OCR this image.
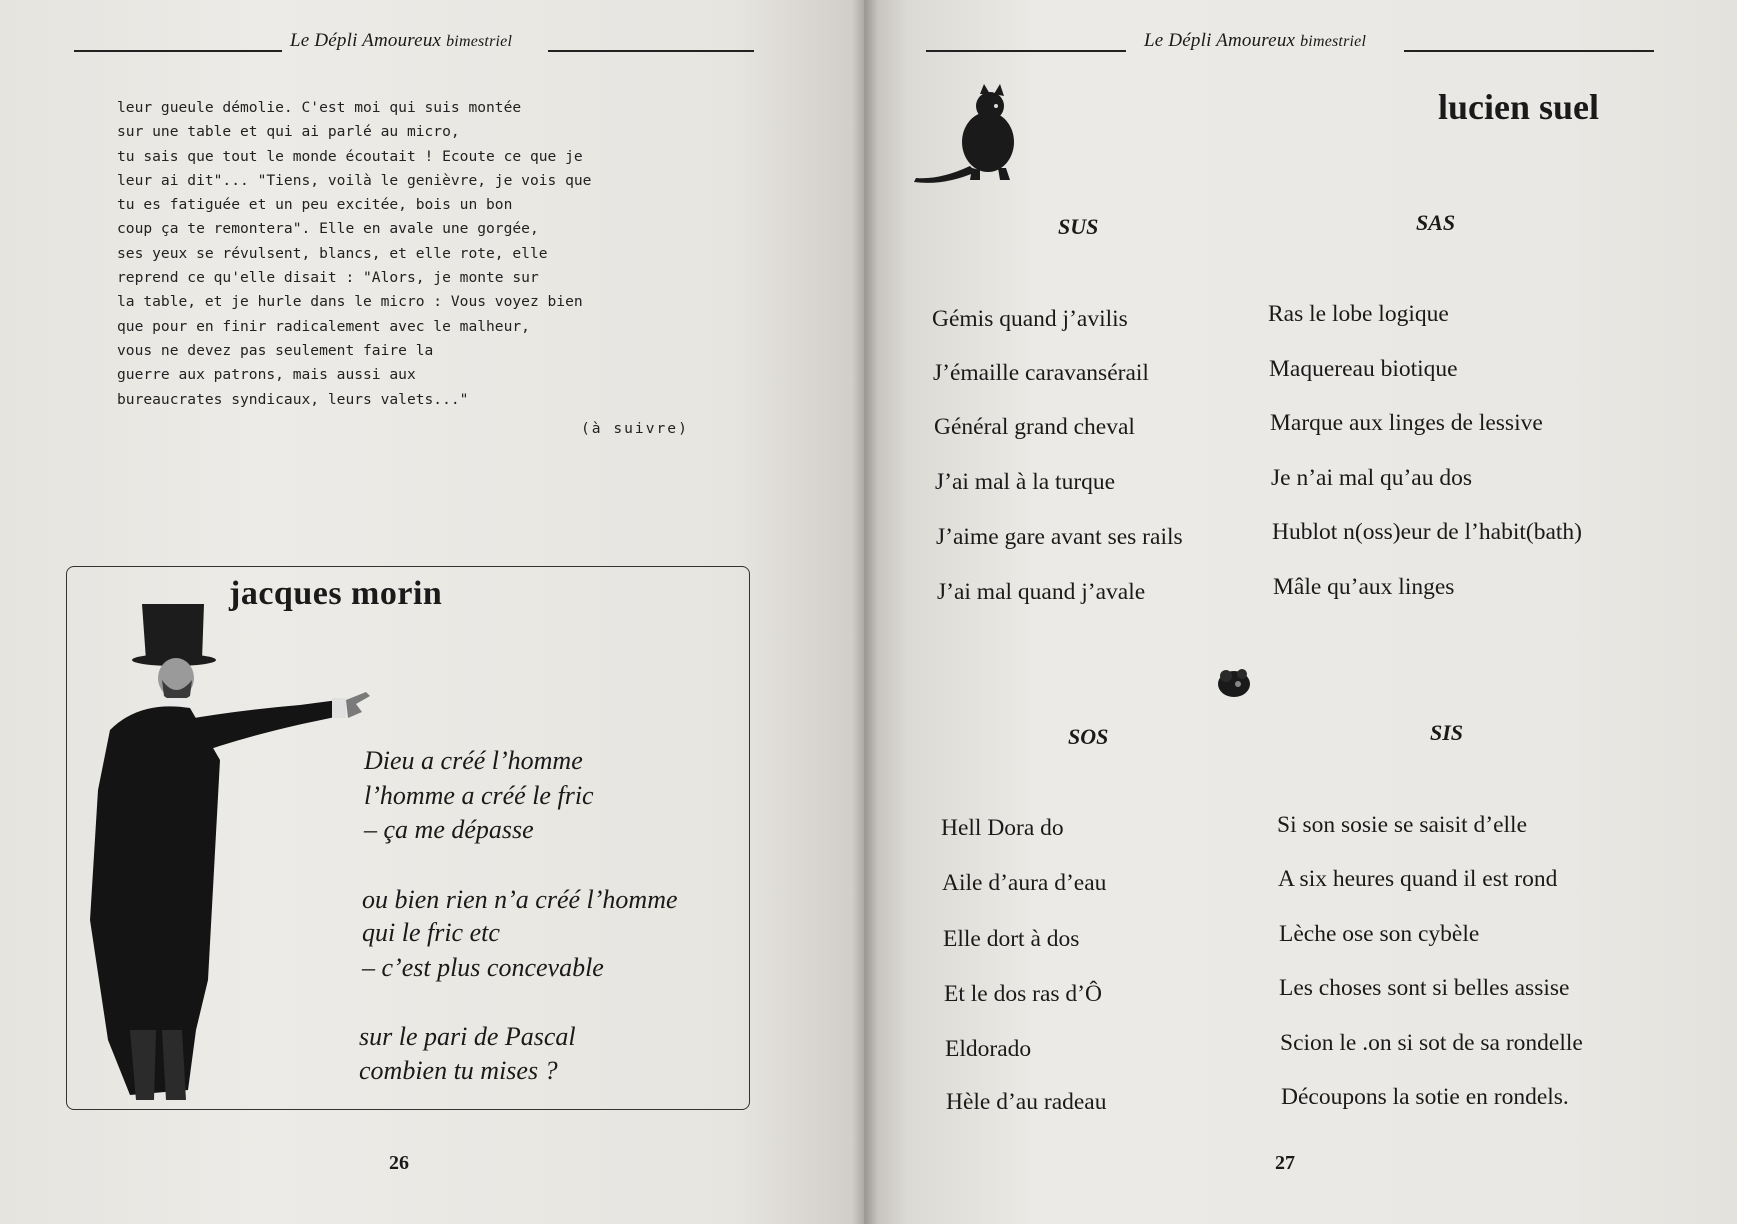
Le Dépli Amoureux bimestriel
leur gueule démolie. C'est moi qui suis montée
sur une table et qui ai parlé au micro,
tu sais que tout le monde écoutait ! Ecoute ce que je
leur ai dit"... "Tiens, voilà le genièvre, je vois que
tu es fatiguée et un peu excitée, bois un bon
coup ça te remontera". Elle en avale une gorgée,
ses yeux se révulsent, blancs, et elle rote, elle
reprend ce qu'elle disait : "Alors, je monte sur
la table, et je hurle dans le micro : Vous voyez bien
que pour en finir radicalement avec le malheur,
vous ne devez pas seulement faire la
guerre aux patrons, mais aussi aux
bureaucrates syndicaux, leurs valets..."
(à suivre)
jacques morin
Dieu a créé l’homme
l’homme a créé le fric
– ça me dépasse
ou bien rien n’a créé l’homme
qui le fric etc
– c’est plus concevable
sur le pari de Pascal
combien tu mises ?
26
Le Dépli Amoureux bimestriel
lucien suel
SUS	SAS
Gémis quand j’avilis
J’émaille caravansérail
Général grand cheval
J’ai mal à la turque
J’aime gare avant ses rails
J’ai mal quand j’avale
Ras le lobe logique
Maquereau biotique
Marque aux linges de lessive
Je n’ai mal qu’au dos
Hublot n(oss)eur de l’habit(bath)
Mâle qu’aux linges
SOS	SIS
Hell Dora do
Aile d’aura d’eau
Elle dort à dos
Et le dos ras d’Ô
Eldorado
Hèle d’au radeau
Si son sosie se saisit d’elle
A six heures quand il est rond
Lèche ose son cybèle
Les choses sont si belles assise
Scion le .on si sot de sa rondelle
Découpons la sotie en rondels.
27
